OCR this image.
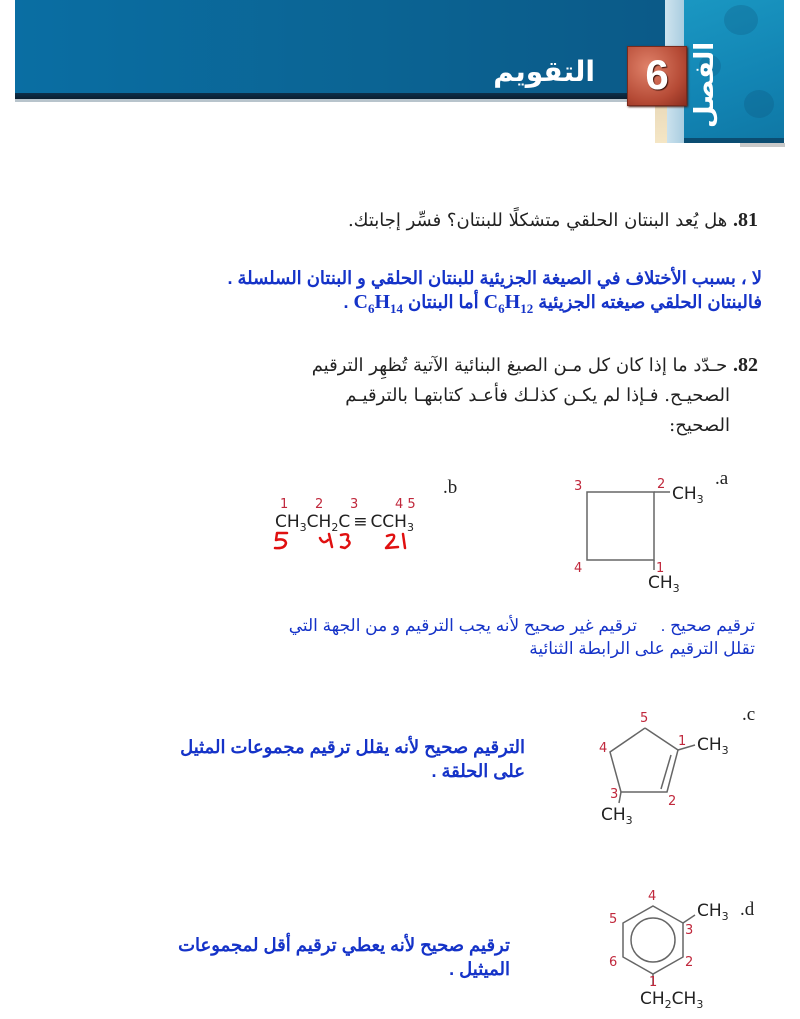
الفصل
6
التقويم
81. هل يُعد البنتان الحلقي متشكلًا للبنتان؟ فسِّر إجابتك.
لا ، بسبب الأختلاف في الصيغة الجزيئية للبنتان الحلقي و البنتان السلسلة .
فالبنتان الحلقي صيغته الجزيئية $C_6H_{12}$ أما البنتان $C_6H_{14}$ .
82. حـدّد ما إذا كان كل مـن الصيغ البنائية الآتية تُظهِر الترقيم
الصحيـح. فـإذا لم يكـن كذلـك فأعـد كتابتهـا بالترقيـم
الصحيح:
.b
1 2 3	4 5
$CH_3CH_2C \equiv CCH_3$
.a
3	2
4	1
$CH_3$
$CH_3$
ترقيم صحيح .
ترقيم غير صحيح لأنه يجب الترقيم و من الجهة التي
تقلل الترقيم على الرابطة الثنائية
.c
5
4	1
2
3
$CH_3$
$CH_3$
الترقيم صحيح لأنه يقلل ترقيم مجموعات المثيل
على الحلقة .
.d
4
5
6
3
2
1
$CH_3$
$CH_2CH_3$
ترقيم صحيح لأنه يعطي ترقيم أقل لمجموعات
الميثيل .
